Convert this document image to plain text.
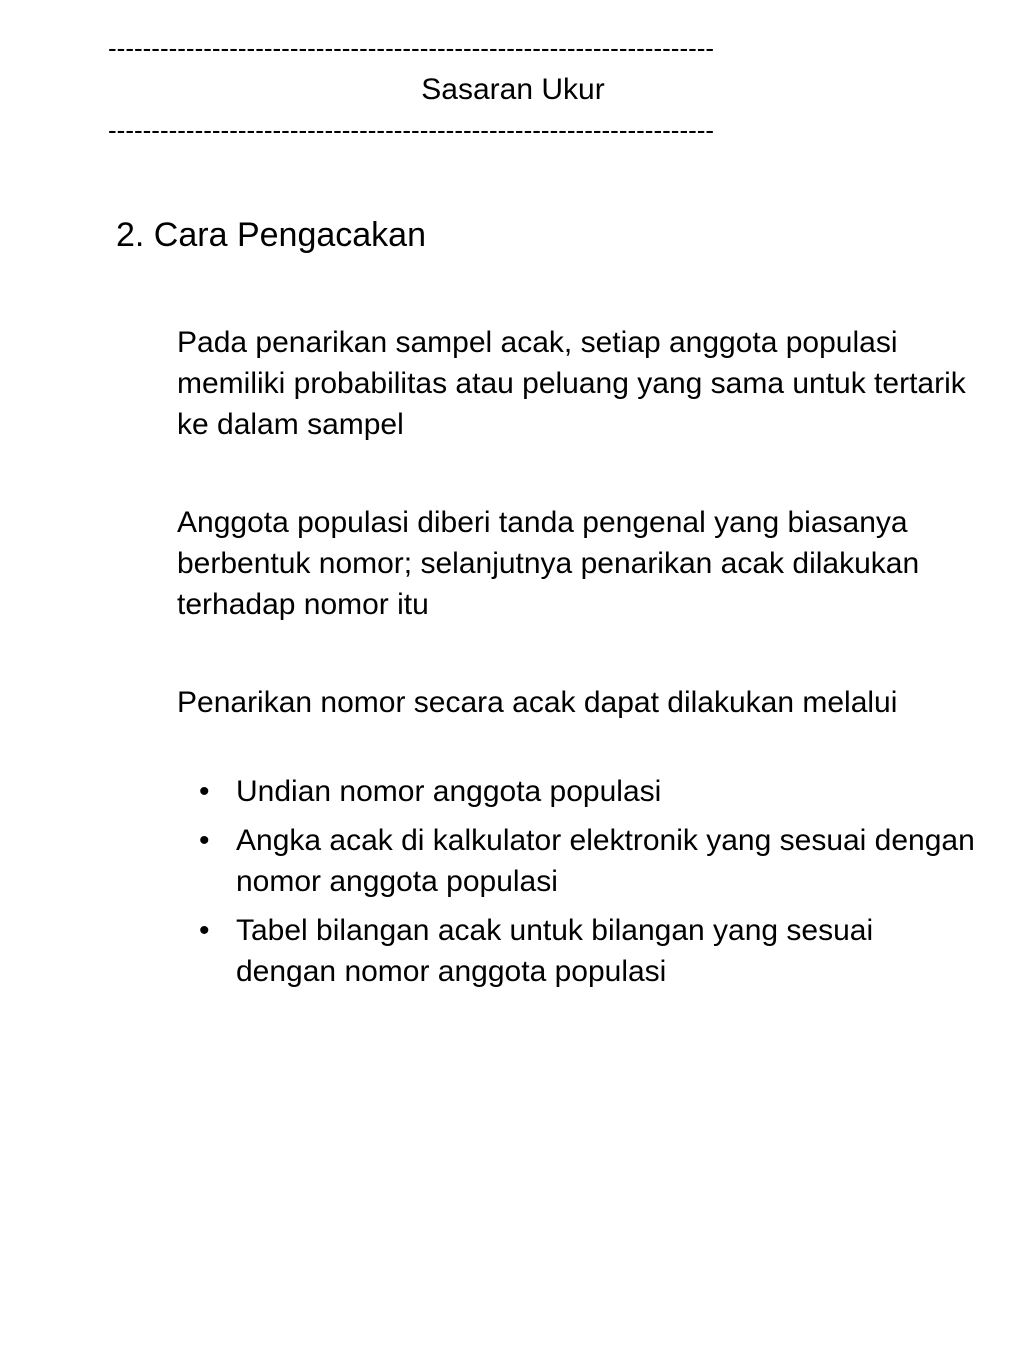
----------------------------------------------------------------------
Sasaran Ukur
----------------------------------------------------------------------
2. Cara Pengacakan
Pada penarikan sampel acak, setiap anggota populasi memiliki probabilitas atau peluang yang sama untuk tertarik ke dalam sampel
Anggota populasi diberi tanda pengenal yang biasanya berbentuk nomor; selanjutnya penarikan acak dilakukan terhadap nomor itu
Penarikan nomor secara acak dapat dilakukan melalui
• Undian nomor anggota populasi
• Angka acak di kalkulator elektronik yang sesuai dengan nomor anggota populasi
• Tabel bilangan acak untuk bilangan yang sesuai dengan nomor anggota populasi
